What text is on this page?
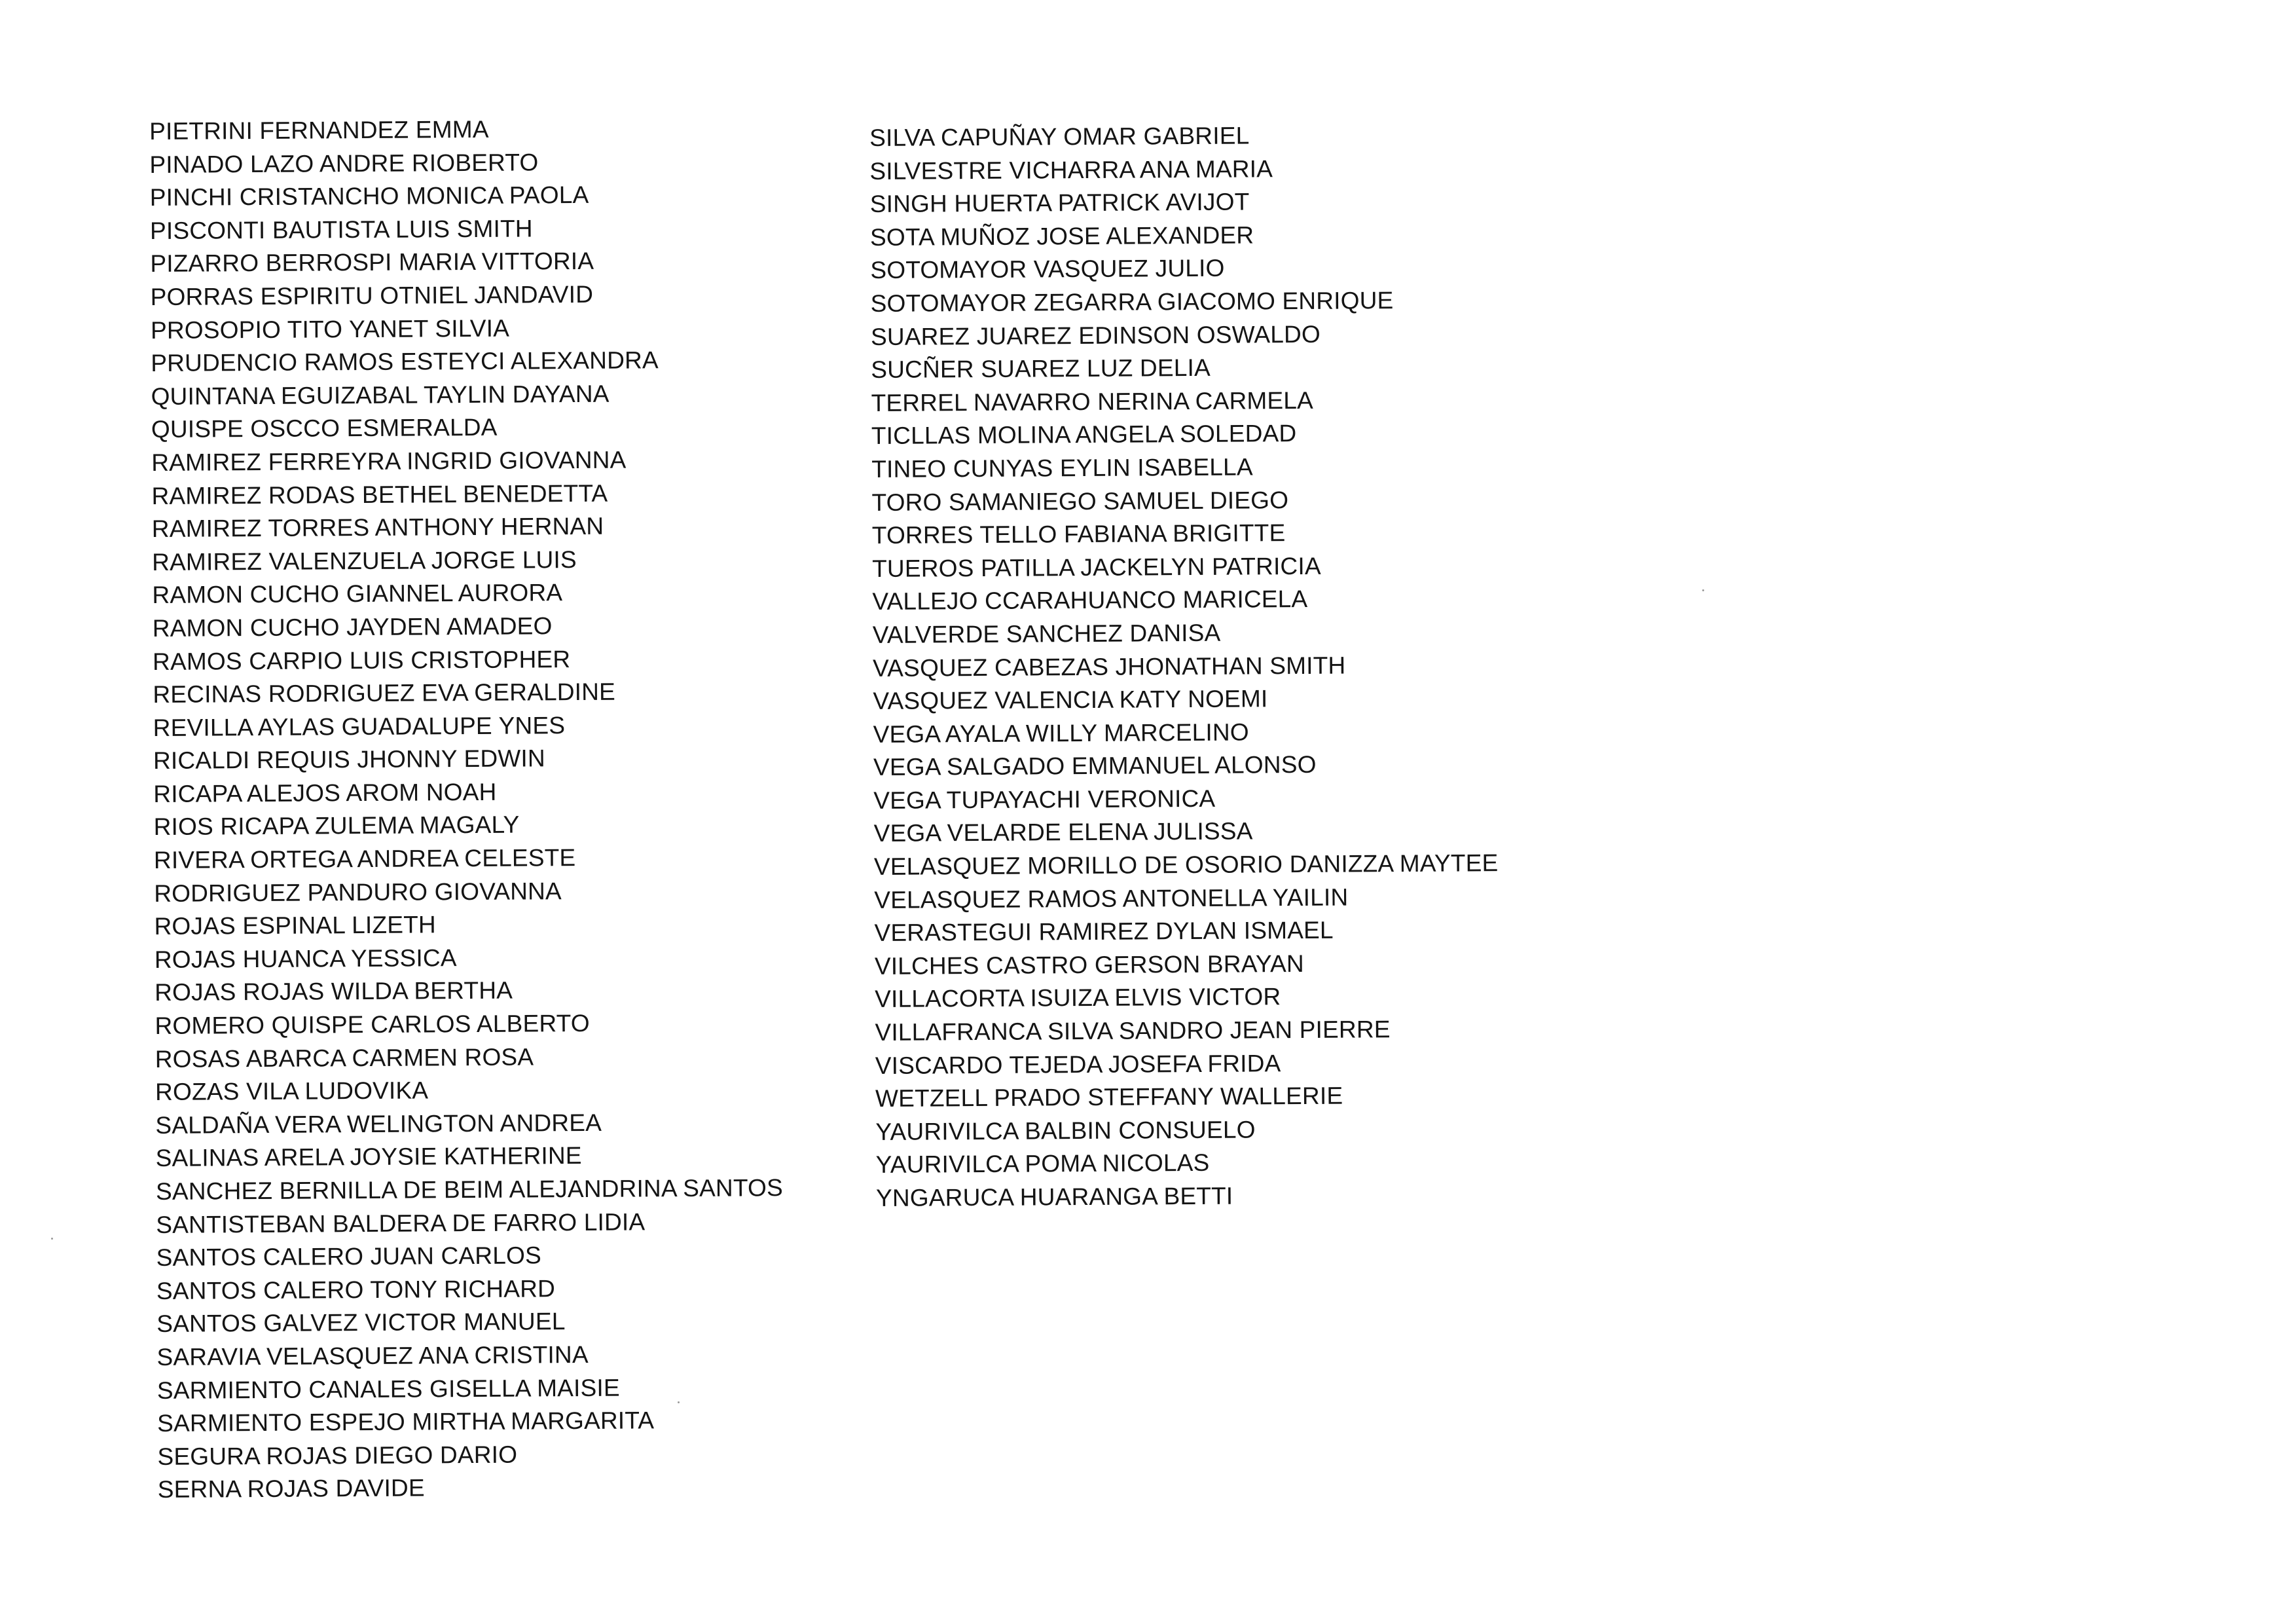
PIETRINI FERNANDEZ EMMA
PINADO LAZO ANDRE RIOBERTO
PINCHI CRISTANCHO MONICA PAOLA
PISCONTI BAUTISTA LUIS SMITH
PIZARRO BERROSPI MARIA VITTORIA
PORRAS ESPIRITU OTNIEL JANDAVID
PROSOPIO TITO YANET SILVIA
PRUDENCIO RAMOS ESTEYCI ALEXANDRA
QUINTANA EGUIZABAL TAYLIN DAYANA
QUISPE OSCCO ESMERALDA
RAMIREZ FERREYRA INGRID GIOVANNA
RAMIREZ RODAS BETHEL BENEDETTA
RAMIREZ TORRES ANTHONY HERNAN
RAMIREZ VALENZUELA JORGE LUIS
RAMON CUCHO GIANNEL AURORA
RAMON CUCHO JAYDEN AMADEO
RAMOS CARPIO LUIS CRISTOPHER
RECINAS RODRIGUEZ EVA GERALDINE
REVILLA AYLAS GUADALUPE YNES
RICALDI REQUIS JHONNY EDWIN
RICAPA ALEJOS AROM NOAH
RIOS RICAPA ZULEMA MAGALY
RIVERA ORTEGA ANDREA CELESTE
RODRIGUEZ PANDURO GIOVANNA
ROJAS ESPINAL LIZETH
ROJAS HUANCA YESSICA
ROJAS ROJAS WILDA BERTHA
ROMERO QUISPE CARLOS ALBERTO
ROSAS ABARCA CARMEN ROSA
ROZAS VILA LUDOVIKA
SALDAÑA VERA WELINGTON ANDREA
SALINAS ARELA JOYSIE KATHERINE
SANCHEZ BERNILLA DE BEIM ALEJANDRINA SANTOS
SANTISTEBAN BALDERA DE FARRO LIDIA
SANTOS CALERO JUAN CARLOS
SANTOS CALERO TONY RICHARD
SANTOS GALVEZ VICTOR MANUEL
SARAVIA VELASQUEZ ANA CRISTINA
SARMIENTO CANALES GISELLA MAISIE
SARMIENTO ESPEJO MIRTHA MARGARITA
SEGURA ROJAS DIEGO DARIO
SERNA ROJAS DAVIDE
SILVA CAPUÑAY OMAR GABRIEL
SILVESTRE VICHARRA ANA MARIA
SINGH HUERTA PATRICK AVIJOT
SOTA MUÑOZ JOSE ALEXANDER
SOTOMAYOR VASQUEZ JULIO
SOTOMAYOR ZEGARRA GIACOMO ENRIQUE
SUAREZ JUAREZ EDINSON OSWALDO
SUCÑER SUAREZ LUZ DELIA
TERREL NAVARRO NERINA CARMELA
TICLLAS MOLINA ANGELA SOLEDAD
TINEO CUNYAS EYLIN ISABELLA
TORO SAMANIEGO SAMUEL DIEGO
TORRES TELLO FABIANA BRIGITTE
TUEROS PATILLA JACKELYN PATRICIA
VALLEJO CCARAHUANCO MARICELA
VALVERDE SANCHEZ DANISA
VASQUEZ CABEZAS JHONATHAN SMITH
VASQUEZ VALENCIA KATY NOEMI
VEGA AYALA WILLY MARCELINO
VEGA SALGADO EMMANUEL ALONSO
VEGA TUPAYACHI VERONICA
VEGA VELARDE ELENA JULISSA
VELASQUEZ MORILLO DE OSORIO DANIZZA MAYTEE
VELASQUEZ RAMOS ANTONELLA YAILIN
VERASTEGUI RAMIREZ DYLAN ISMAEL
VILCHES CASTRO GERSON BRAYAN
VILLACORTA ISUIZA ELVIS VICTOR
VILLAFRANCA SILVA SANDRO JEAN PIERRE
VISCARDO TEJEDA JOSEFA FRIDA
WETZELL PRADO STEFFANY WALLERIE
YAURIVILCA BALBIN CONSUELO
YAURIVILCA POMA NICOLAS
YNGARUCA HUARANGA BETTI
